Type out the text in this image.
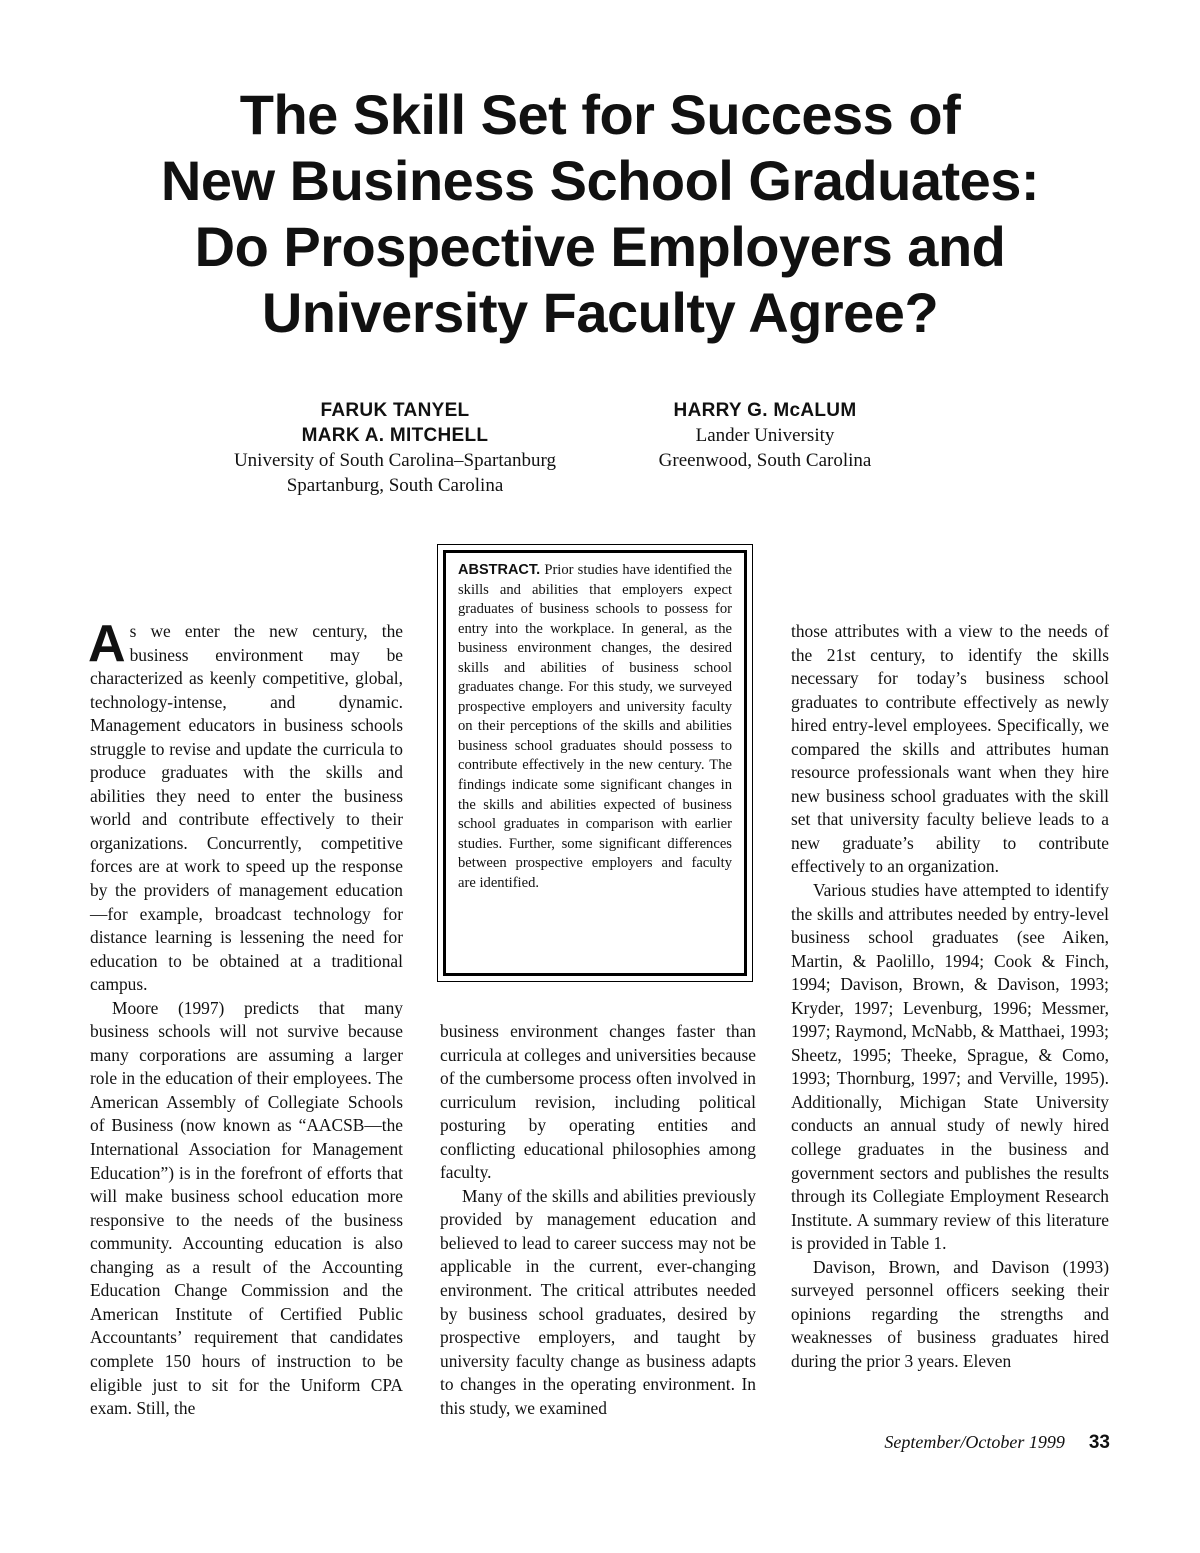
The Skill Set for Success of
New Business School Graduates:
Do Prospective Employers and
University Faculty Agree?
FARUK TANYEL
MARK A. MITCHELL
University of South Carolina–Spartanburg
Spartanburg, South Carolina
HARRY G. McALUM
Lander University
Greenwood, South Carolina
ABSTRACT. Prior studies have identified the skills and abilities that employers expect graduates of business schools to possess for entry into the workplace. In general, as the business environment changes, the desired skills and abilities of business school graduates change. For this study, we surveyed prospective employers and university faculty on their perceptions of the skills and abilities business school graduates should possess to contribute effectively in the new century. The findings indicate some significant changes in the skills and abilities expected of business school graduates in comparison with earlier studies. Further, some significant differences between prospective employers and faculty are identified.

As we enter the new century, the business environment may be characterized as keenly competitive, global, technology-intense, and dynamic. Management educators in business schools struggle to revise and update the curricula to produce graduates with the skills and abilities they need to enter the business world and contribute effectively to their organizations. Concurrently, competitive forces are at work to speed up the response by the providers of management education—for example, broadcast technology for distance learning is lessening the need for education to be obtained at a traditional campus.

Moore (1997) predicts that many business schools will not survive because many corporations are assuming a larger role in the education of their employees. The American Assembly of Collegiate Schools of Business (now known as “AACSB—the International Association for Management Education”) is in the forefront of efforts that will make business school education more responsive to the needs of the business community. Accounting education is also changing as a result of the Accounting Education Change Commission and the American Institute of Certified Public Accountants’ requirement that candidates complete 150 hours of instruction to be eligible just to sit for the Uniform CPA exam. Still, the

business environment changes faster than curricula at colleges and universities because of the cumbersome process often involved in curriculum revision, including political posturing by operating entities and conflicting educational philosophies among faculty.

Many of the skills and abilities previously provided by management education and believed to lead to career success may not be applicable in the current, ever-changing environment. The critical attributes needed by business school graduates, desired by prospective employers, and taught by university faculty change as business adapts to changes in the operating environment. In this study, we examined

those attributes with a view to the needs of the 21st century, to identify the skills necessary for today’s business school graduates to contribute effectively as newly hired entry-level employees. Specifically, we compared the skills and attributes human resource professionals want when they hire new business school graduates with the skill set that university faculty believe leads to a new graduate’s ability to contribute effectively to an organization.

Various studies have attempted to identify the skills and attributes needed by entry-level business school graduates (see Aiken, Martin, & Paolillo, 1994; Cook & Finch, 1994; Davison, Brown, & Davison, 1993; Kryder, 1997; Levenburg, 1996; Messmer, 1997; Raymond, McNabb, & Matthaei, 1993; Sheetz, 1995; Theeke, Sprague, & Como, 1993; Thornburg, 1997; and Verville, 1995). Additionally, Michigan State University conducts an annual study of newly hired college graduates in the business and government sectors and publishes the results through its Collegiate Employment Research Institute. A summary review of this literature is provided in Table 1.

Davison, Brown, and Davison (1993) surveyed personnel officers seeking their opinions regarding the strengths and weaknesses of business graduates hired during the prior 3 years. Eleven

September/October 1999 33
